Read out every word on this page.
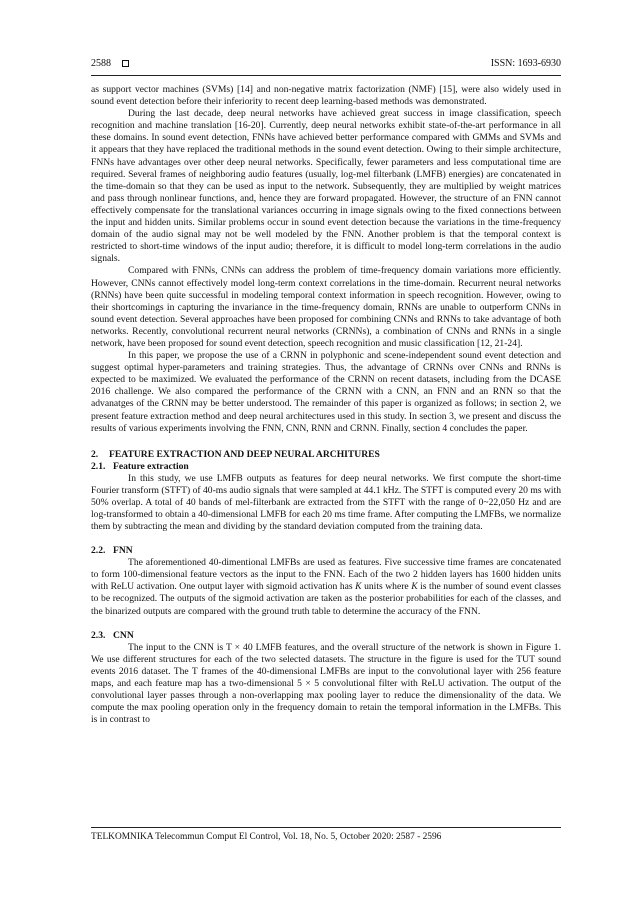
2588	ISSN: 1693-6930

as support vector machines (SVMs) [14] and non-negative matrix factorization (NMF) [15], were also widely used in sound event detection before their inferiority to recent deep learning-based methods was demonstrated.

During the last decade, deep neural networks have achieved great success in image classification, speech recognition and machine translation [16-20]. Currently, deep neural networks exhibit state-of-the-art performance in all these domains. In sound event detection, FNNs have achieved better performance compared with GMMs and SVMs and it appears that they have replaced the traditional methods in the sound event detection. Owing to their simple architecture, FNNs have advantages over other deep neural networks. Specifically, fewer parameters and less computational time are required. Several frames of neighboring audio features (usually, log-mel filterbank (LMFB) energies) are concatenated in the time-domain so that they can be used as input to the network. Subsequently, they are multiplied by weight matrices and pass through nonlinear functions, and, hence they are forward propagated. However, the structure of an FNN cannot effectively compensate for the translational variances occurring in image signals owing to the fixed connections between the input and hidden units. Similar problems occur in sound event detection because the variations in the time-frequency domain of the audio signal may not be well modeled by the FNN. Another problem is that the temporal context is restricted to short-time windows of the input audio; therefore, it is difficult to model long-term correlations in the audio signals.

Compared with FNNs, CNNs can address the problem of time-frequency domain variations more efficiently. However, CNNs cannot effectively model long-term context correlations in the time-domain. Recurrent neural networks (RNNs) have been quite successful in modeling temporal context information in speech recognition. However, owing to their shortcomings in capturing the invariance in the time-frequency domain, RNNs are unable to outperform CNNs in sound event detection. Several approaches have been proposed for combining CNNs and RNNs to take advantage of both networks. Recently, convolutional recurrent neural networks (CRNNs), a combination of CNNs and RNNs in a single network, have been proposed for sound event detection, speech recognition and music classification [12, 21-24].

In this paper, we propose the use of a CRNN in polyphonic and scene-independent sound event detection and suggest optimal hyper-parameters and training strategies. Thus, the advantage of CRNNs over CNNs and RNNs is expected to be maximized. We evaluated the performance of the CRNN on recent datasets, including from the DCASE 2016 challenge. We also compared the performance of the CRNN with a CNN, an FNN and an RNN so that the advanatges of the CRNN may be better understood. The remainder of this paper is organized as follows; in section 2, we present feature extraction method and deep neural architectures used in this study. In section 3, we present and discuss the results of various experiments involving the FNN, CNN, RNN and CRNN. Finally, section 4 concludes the paper.

2. FEATURE EXTRACTION AND DEEP NEURAL ARCHITURES
2.1. Feature extraction

In this study, we use LMFB outputs as features for deep neural networks. We first compute the short-time Fourier transform (STFT) of 40-ms audio signals that were sampled at 44.1 kHz. The STFT is computed every 20 ms with 50% overlap. A total of 40 bands of mel-filterbank are extracted from the STFT with the range of 0~22,050 Hz and are log-transformed to obtain a 40-dimensional LMFB for each 20 ms time frame. After computing the LMFBs, we normalize them by subtracting the mean and dividing by the standard deviation computed from the training data.

2.2. FNN

The aforementioned 40-dimentional LMFBs are used as features. Five successive time frames are concatenated to form 100-dimensional feature vectors as the input to the FNN. Each of the two 2 hidden layers has 1600 hidden units with ReLU activation. One output layer with sigmoid activation has K units where K is the number of sound event classes to be recognized. The outputs of the sigmoid activation are taken as the posterior probabilities for each of the classes, and the binarized outputs are compared with the ground truth table to determine the accuracy of the FNN.

2.3. CNN

The input to the CNN is T × 40 LMFB features, and the overall structure of the network is shown in Figure 1. We use different structures for each of the two selected datasets. The structure in the figure is used for the TUT sound events 2016 dataset. The T frames of the 40-dimensional LMFBs are input to the convolutional layer with 256 feature maps, and each feature map has a two-dimensional 5 × 5 convolutional filter with ReLU activation. The output of the convolutional layer passes through a non-overlapping max pooling layer to reduce the dimensionality of the data. We compute the max pooling operation only in the frequency domain to retain the temporal information in the LMFBs. This is in contrast to

TELKOMNIKA Telecommun Comput El Control, Vol. 18, No. 5, October 2020: 2587 - 2596
